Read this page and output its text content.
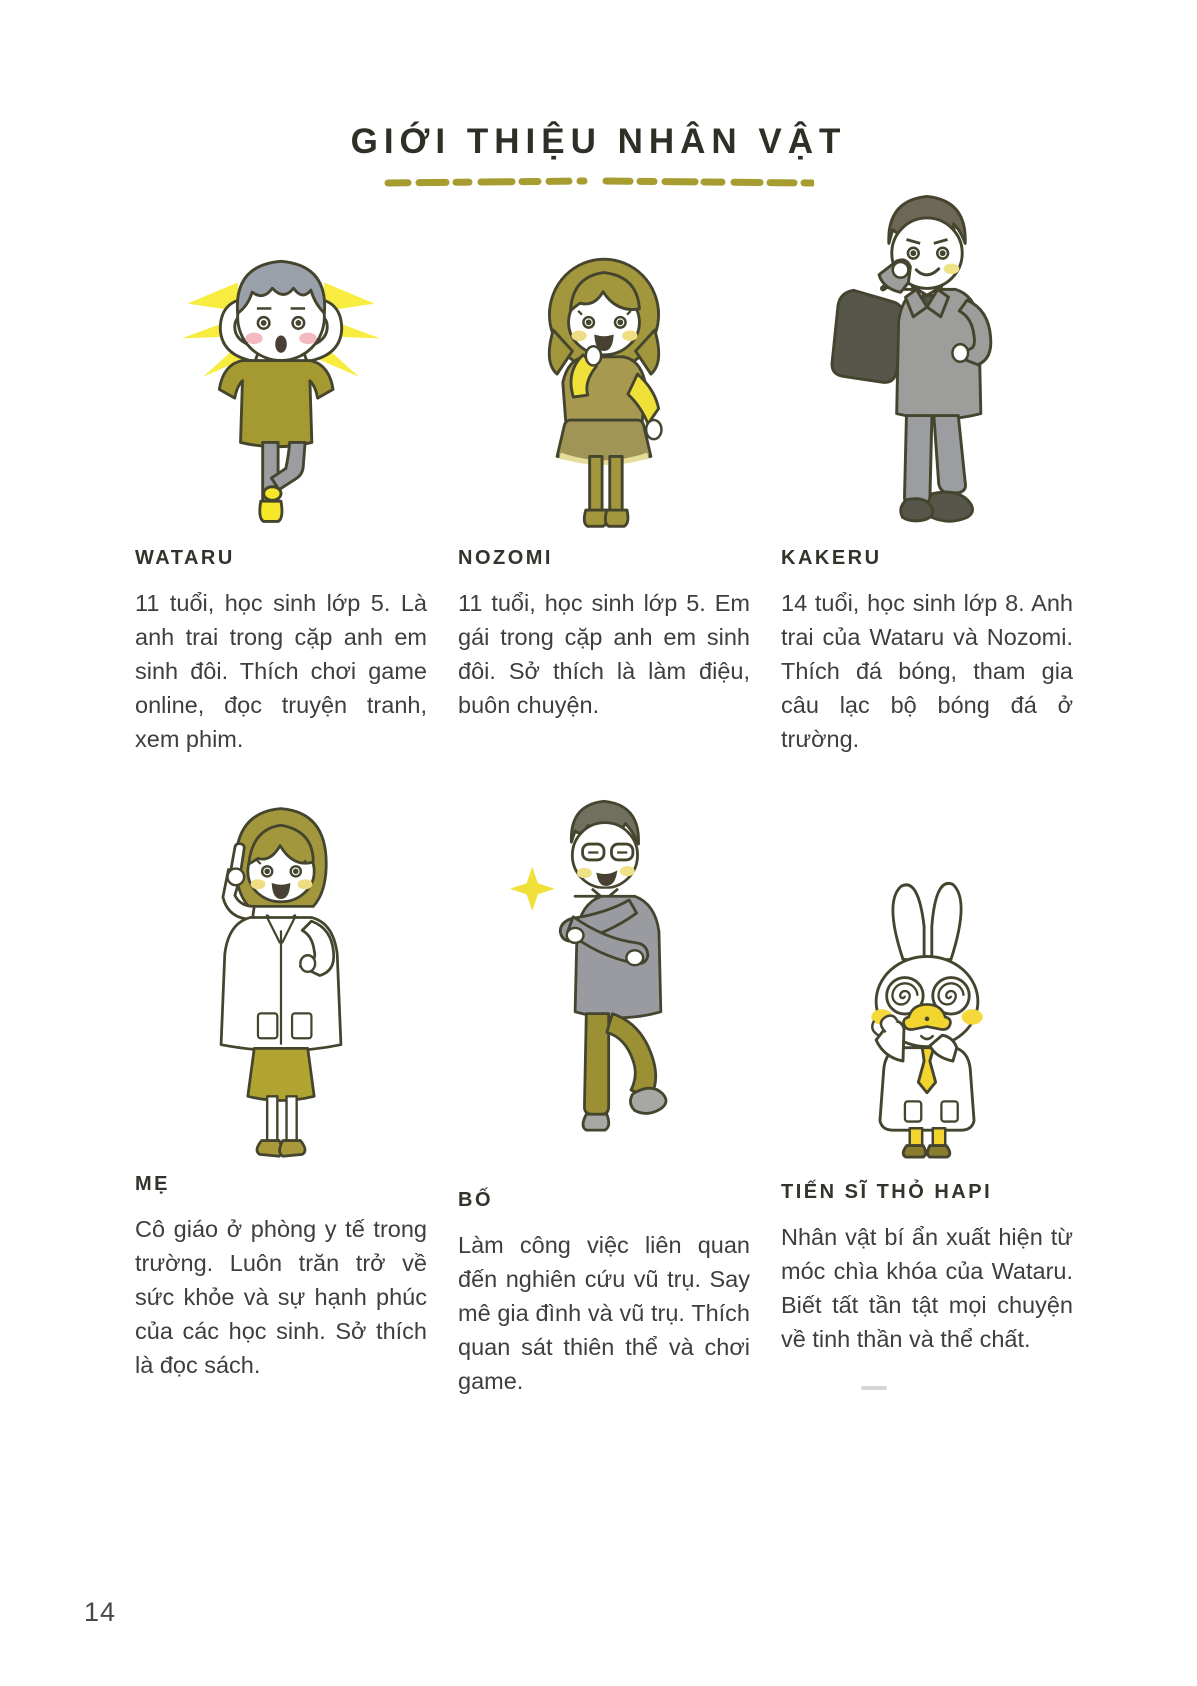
GIỚI THIỆU NHÂN VẬT
WATARU

11 tuổi, học sinh lớp 5. Là anh trai trong cặp anh em sinh đôi. Thích chơi game online, đọc truyện tranh, xem phim.

NOZOMI

11 tuổi, học sinh lớp 5. Em gái trong cặp anh em sinh đôi. Sở thích là làm điệu, buôn chuyện.

KAKERU

14 tuổi, học sinh lớp 8. Anh trai của Wataru và Nozomi. Thích đá bóng, tham gia câu lạc bộ bóng đá ở trường.

MẸ

Cô giáo ở phòng y tế trong trường. Luôn trăn trở về sức khỏe và sự hạnh phúc của các học sinh. Sở thích là đọc sách.

BỐ

Làm công việc liên quan đến nghiên cứu vũ trụ. Say mê gia đình và vũ trụ. Thích quan sát thiên thể và chơi game.

TIẾN SĨ THỎ HAPI

Nhân vật bí ẩn xuất hiện từ móc chìa khóa của Wataru. Biết tất tần tật mọi chuyện về tinh thần và thể chất.

14
